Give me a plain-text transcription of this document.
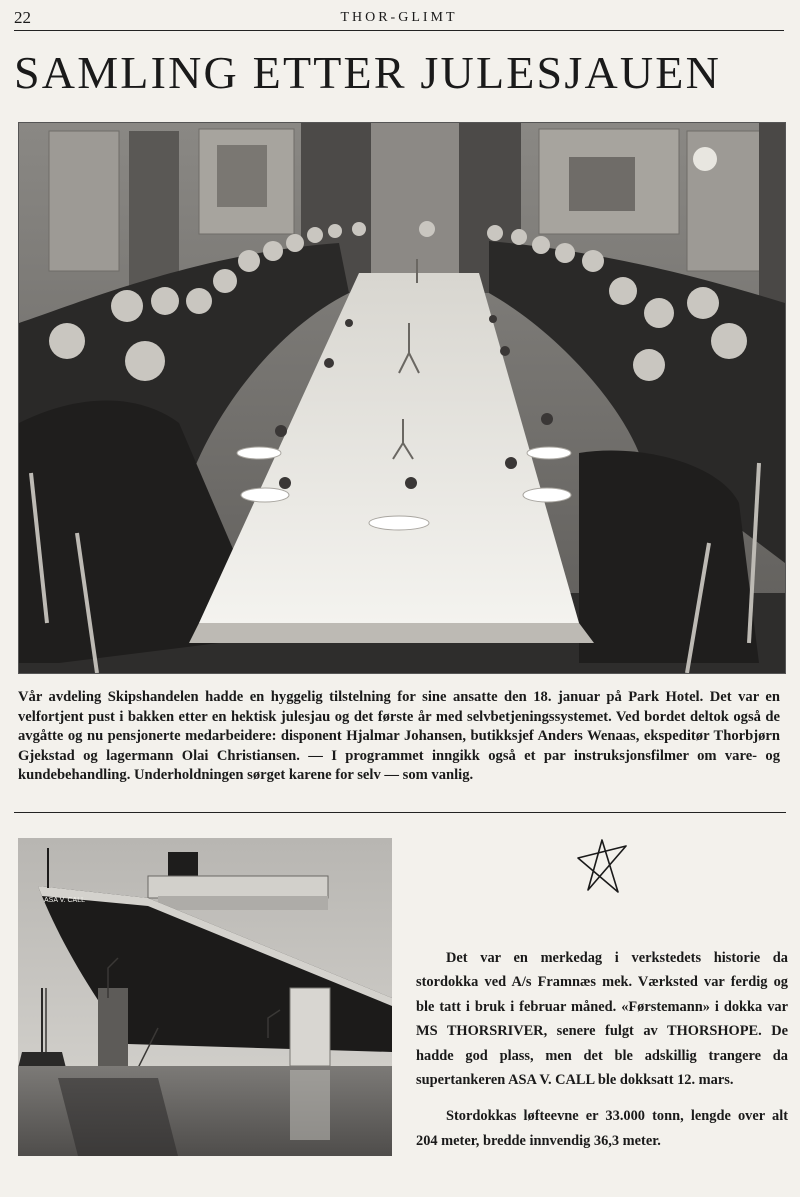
22	THOR-GLIMT
SAMLING ETTER JULESJAUEN

Vår avdeling Skipshandelen hadde en hyggelig tilstelning for sine ansatte den 18. januar på Park Hotel. Det var en velfortjent pust i bakken etter en hektisk julesjau og det første år med selvbetjeningssystemet. Ved bordet deltok også de avgåtte og nu pensjonerte medarbeidere: disponent Hjalmar Johansen, butikksjef Anders Wenaas, ekspeditør Thorbjørn Gjekstad og lagermann Olai Christiansen. — I programmet inngikk også et par instruksjonsfilmer om vare- og kundebehandling. Underholdningen sørget karene for selv — som vanlig.

ASA V. CALL

Det var en merkedag i verkstedets historie da stordokka ved A/s Framnæs mek. Værksted var ferdig og ble tatt i bruk i februar måned. «Førstemann» i dokka var MS THORSRIVER, senere fulgt av THORSHOPE. De hadde god plass, men det ble adskillig trangere da supertankeren ASA V. CALL ble dokksatt 12. mars.

Stordokkas løfteevne er 33.000 tonn, lengde over alt 204 meter, bredde innvendig 36,3 meter.
